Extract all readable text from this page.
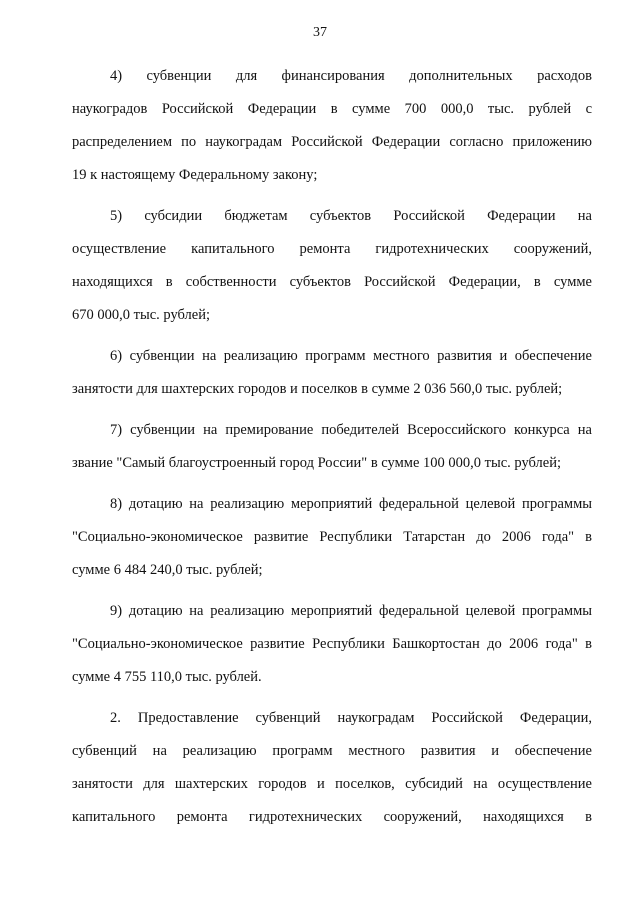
37

4) субвенции для финансирования дополнительных расходов
наукоградов Российской Федерации в сумме 700 000,0 тыс. рублей с
распределением по наукоградам Российской Федерации согласно приложению
19 к настоящему Федеральному закону;

5) субсидии бюджетам субъектов Российской Федерации на
осуществление капитального ремонта гидротехнических сооружений,
находящихся в собственности субъектов Российской Федерации, в сумме
670 000,0 тыс. рублей;

6) субвенции на реализацию программ местного развития и обеспечение
занятости для шахтерских городов и поселков в сумме 2 036 560,0 тыс. рублей;

7) субвенции на премирование победителей Всероссийского конкурса на
звание "Самый благоустроенный город России" в сумме 100 000,0 тыс. рублей;

8) дотацию на реализацию мероприятий федеральной целевой программы
"Социально-экономическое развитие Республики Татарстан до 2006 года" в
сумме 6 484 240,0 тыс. рублей;

9) дотацию на реализацию мероприятий федеральной целевой программы
"Социально-экономическое развитие Республики Башкортостан до 2006 года" в
сумме 4 755 110,0 тыс. рублей.

2. Предоставление субвенций наукоградам Российской Федерации,
субвенций на реализацию программ местного развития и обеспечение
занятости для шахтерских городов и поселков, субсидий на осуществление
капитального ремонта гидротехнических сооружений, находящихся в
